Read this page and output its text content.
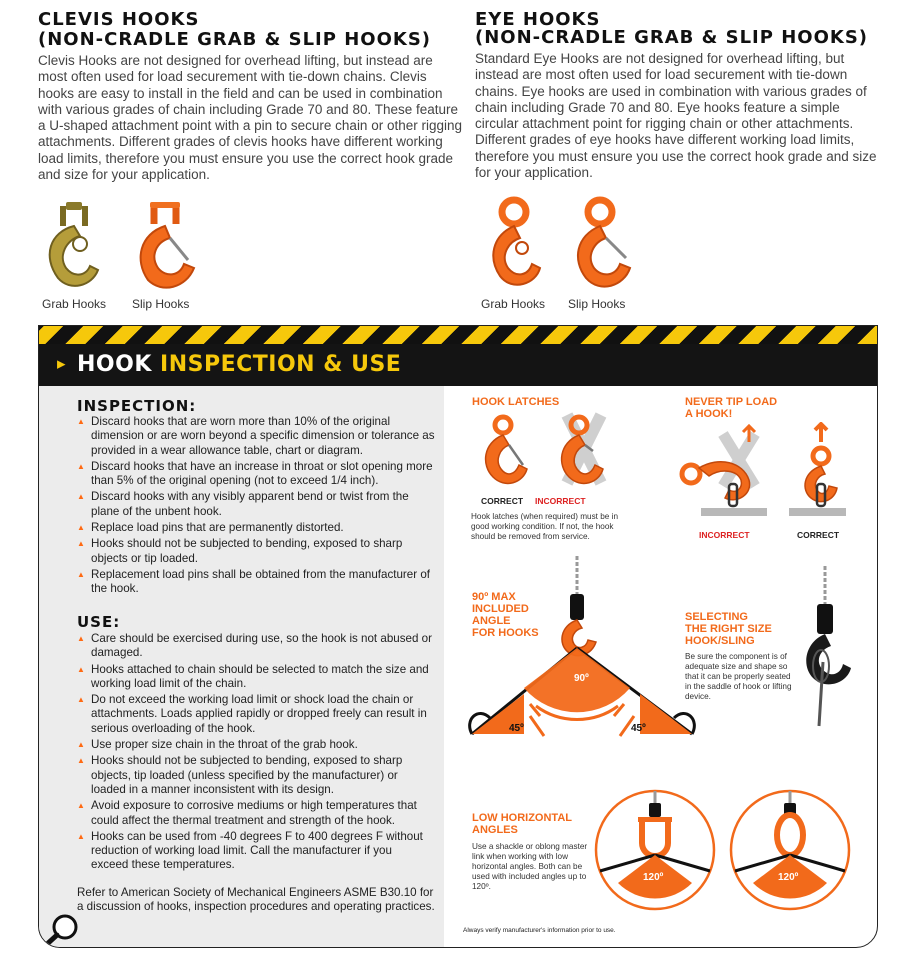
CLEVIS HOOKS
(NON-CRADLE GRAB & SLIP HOOKS)
Clevis Hooks are not designed for overhead lifting, but instead are most often used for load securement with tie-down chains. Clevis hooks are easy to install in the field and can be used in combination with various grades of chain including Grade 70 and 80. These feature a U-shaped attachment point with a pin to secure chain or other rigging attachments. Different grades of clevis hooks have different working load limits, therefore you must ensure you use the correct hook grade and size for your application.
Grab Hooks Slip Hooks
EYE HOOKS
(NON-CRADLE GRAB & SLIP HOOKS)
Standard Eye Hooks are not designed for overhead lifting, but instead are most often used for load securement with tie-down chains. Eye hooks are used in combination with various grades of chain including Grade 70 and 80. Eye hooks feature a simple circular attachment point for rigging chain or other attachments. Different grades of eye hooks have different working load limits, therefore you must ensure you use the correct hook grade and size for your application.
Grab Hooks Slip Hooks
▸ HOOK INSPECTION & USE
INSPECTION:
▲ Discard hooks that are worn more than 10% of the original dimension or are worn beyond a specific dimension or tolerance as provided in a wear allowance table, chart or diagram.
▲ Discard hooks that have an increase in throat or slot opening more than 5% of the original opening (not to exceed 1/4 inch).
▲ Discard hooks with any visibly apparent bend or twist from the plane of the unbent hook.
▲ Replace load pins that are permanently distorted.
▲ Hooks should not be subjected to bending, exposed to sharp objects or tip loaded.
▲ Replacement load pins shall be obtained from the manufacturer of the hook.
USE:
▲ Care should be exercised during use, so the hook is not abused or damaged.
▲ Hooks attached to chain should be selected to match the size and working load limit of the chain.
▲ Do not exceed the working load limit or shock load the chain or attachments. Loads applied rapidly or dropped freely can result in serious overloading of the hook.
▲ Use proper size chain in the throat of the grab hook.
▲ Hooks should not be subjected to bending, exposed to sharp objects, tip loaded (unless specified by the manufacturer) or loaded in a manner inconsistent with its design.
▲ Avoid exposure to corrosive mediums or high temperatures that could affect the thermal treatment and strength of the hook.
▲ Hooks can be used from -40 degrees F to 400 degrees F without reduction of working load limit. Call the manufacturer if you exceed these temperatures.
Refer to American Society of Mechanical Engineers ASME B30.10 for a discussion of hooks, inspection procedures and operating practices.
HOOK LATCHES
CORRECT INCORRECT
Hook latches (when required) must be in good working condition. If not, the hook should be removed from service.
NEVER TIP LOAD
A HOOK!
INCORRECT	CORRECT
90º MAX
INCLUDED
ANGLE
FOR HOOKS
90º
45º	45º
SELECTING
THE RIGHT SIZE
HOOK/SLING
Be sure the component is of adequate size and shape so that it can be properly seated in the saddle of hook or lifting device.
LOW HORIZONTAL
ANGLES
Use a shackle or oblong master link when working with low horizontal angles. Both can be used with included angles up to 120º.
120º	120º
Always verify manufacturer's information prior to use.
